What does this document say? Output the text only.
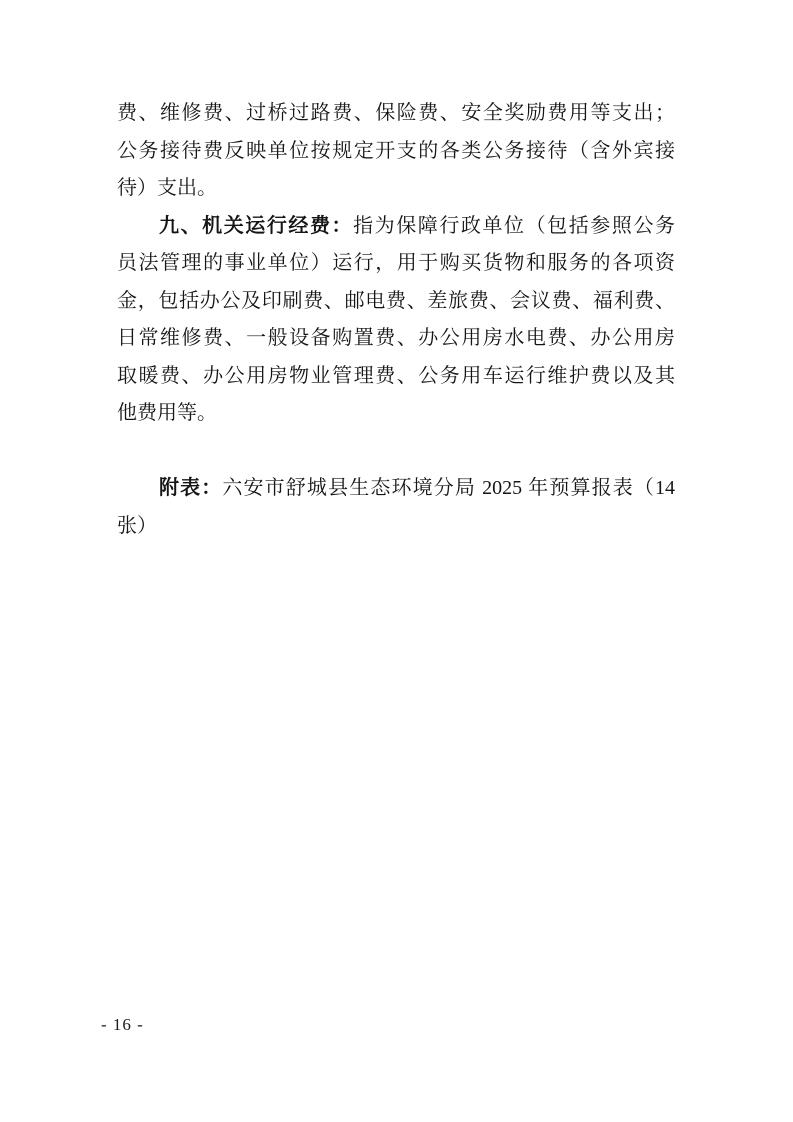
费、维修费、过桥过路费、保险费、安全奖励费用等支出；

公务接待费反映单位按规定开支的各类公务接待（含外宾接

待）支出。

九、机关运行经费：指为保障行政单位（包括参照公务

员法管理的事业单位）运行，用于购买货物和服务的各项资

金，包括办公及印刷费、邮电费、差旅费、会议费、福利费、

日常维修费、一般设备购置费、办公用房水电费、办公用房

取暖费、办公用房物业管理费、公务用车运行维护费以及其

他费用等。

附表：六安市舒城县生态环境分局 2025 年预算报表（14

张）

- 16 -
